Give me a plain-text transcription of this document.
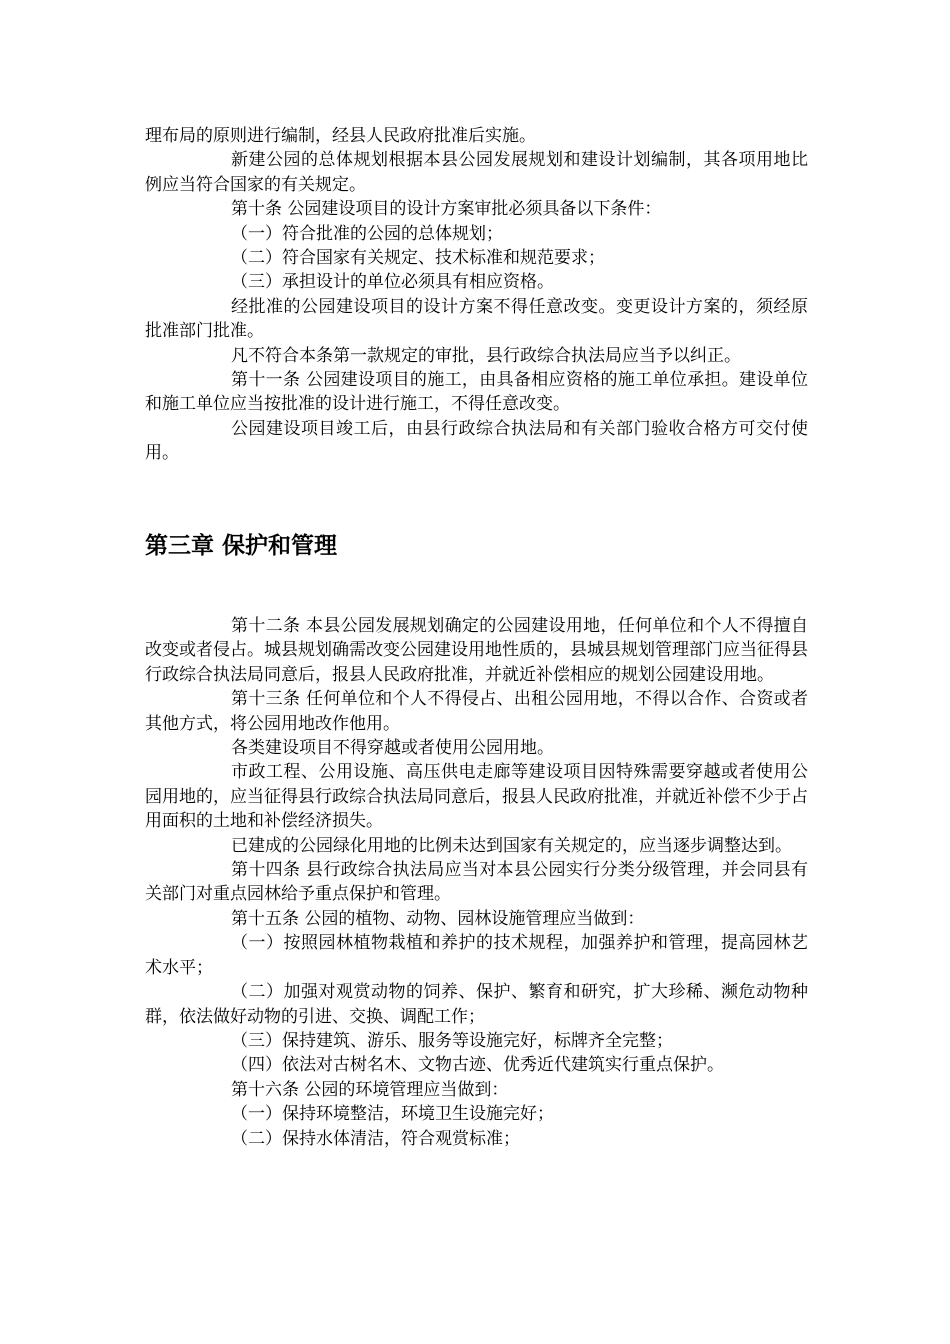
理布局的原则进行编制，经县人民政府批准后实施。

新建公园的总体规划根据本县公园发展规划和建设计划编制，其各项用地比例应当符合国家的有关规定。

第十条 公园建设项目的设计方案审批必须具备以下条件：

（一）符合批准的公园的总体规划；

（二）符合国家有关规定、技术标准和规范要求；

（三）承担设计的单位必须具有相应资格。

经批准的公园建设项目的设计方案不得任意改变。变更设计方案的，须经原批准部门批准。

凡不符合本条第一款规定的审批，县行政综合执法局应当予以纠正。

第十一条 公园建设项目的施工，由具备相应资格的施工单位承担。建设单位和施工单位应当按批准的设计进行施工，不得任意改变。

公园建设项目竣工后，由县行政综合执法局和有关部门验收合格方可交付使用。

第三章 保护和管理

第十二条 本县公园发展规划确定的公园建设用地，任何单位和个人不得擅自改变或者侵占。城县规划确需改变公园建设用地性质的，县城县规划管理部门应当征得县行政综合执法局同意后，报县人民政府批准，并就近补偿相应的规划公园建设用地。

第十三条 任何单位和个人不得侵占、出租公园用地，不得以合作、合资或者其他方式，将公园用地改作他用。

各类建设项目不得穿越或者使用公园用地。

市政工程、公用设施、高压供电走廊等建设项目因特殊需要穿越或者使用公园用地的，应当征得县行政综合执法局同意后，报县人民政府批准，并就近补偿不少于占用面积的土地和补偿经济损失。

已建成的公园绿化用地的比例未达到国家有关规定的，应当逐步调整达到。

第十四条 县行政综合执法局应当对本县公园实行分类分级管理，并会同县有关部门对重点园林给予重点保护和管理。

第十五条 公园的植物、动物、园林设施管理应当做到：

（一）按照园林植物栽植和养护的技术规程，加强养护和管理，提高园林艺术水平；

（二）加强对观赏动物的饲养、保护、繁育和研究，扩大珍稀、濒危动物种群，依法做好动物的引进、交换、调配工作；

（三）保持建筑、游乐、服务等设施完好，标牌齐全完整；

（四）依法对古树名木、文物古迹、优秀近代建筑实行重点保护。

第十六条 公园的环境管理应当做到：

（一）保持环境整洁，环境卫生设施完好；

（二）保持水体清洁，符合观赏标准；
